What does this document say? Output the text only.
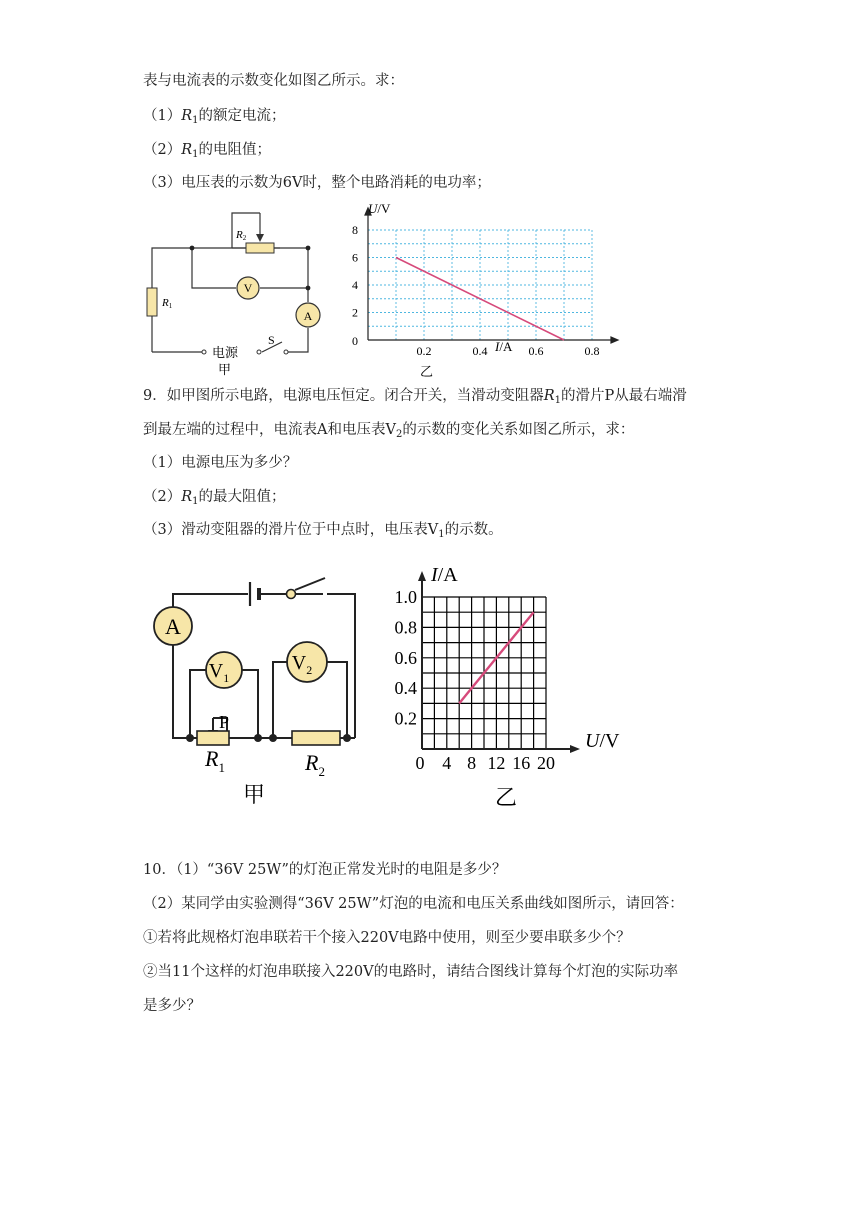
表与电流表的示数变化如图乙所示。求：
$(1)R_1$的额定电流；
$(2)R_1$的电阻值；
（3）电压表的示数为6V时，整个电路消耗的电功率；
R2
R1
V
A
S
电源
甲
0.2	0.4	0.6	0.8
2
4
6
8
U/V
I/A
0
乙
9．如甲图所示电路，电源电压恒定。闭合开关，当滑动变阻器$R_1$的滑片P从最右端滑
到最左端的过程中，电流表A和电压表$V_2$的示数的变化关系如图乙所示，求：
（1）电源电压为多少？
$(2)R_1$的最大阻值；
（3）滑动变阻器的滑片位于中点时，电压表$V_1$的示数。
A
$V_1$
$V_2$
P
$R_1$	$R_2$
甲
0 4 8 12 16 20
0.2
0.4
0.6
0.8
1.0
I/A
U/V
乙
10．（1）“36V 25W”的灯泡正常发光时的电阻是多少？
（2）某同学由实验测得“36V 25W”灯泡的电流和电压关系曲线如图所示，请回答：
①若将此规格灯泡串联若干个接入220V电路中使用，则至少要串联多少个？
②当11个这样的灯泡串联接入220V的电路时，请结合图线计算每个灯泡的实际功率
是多少？
